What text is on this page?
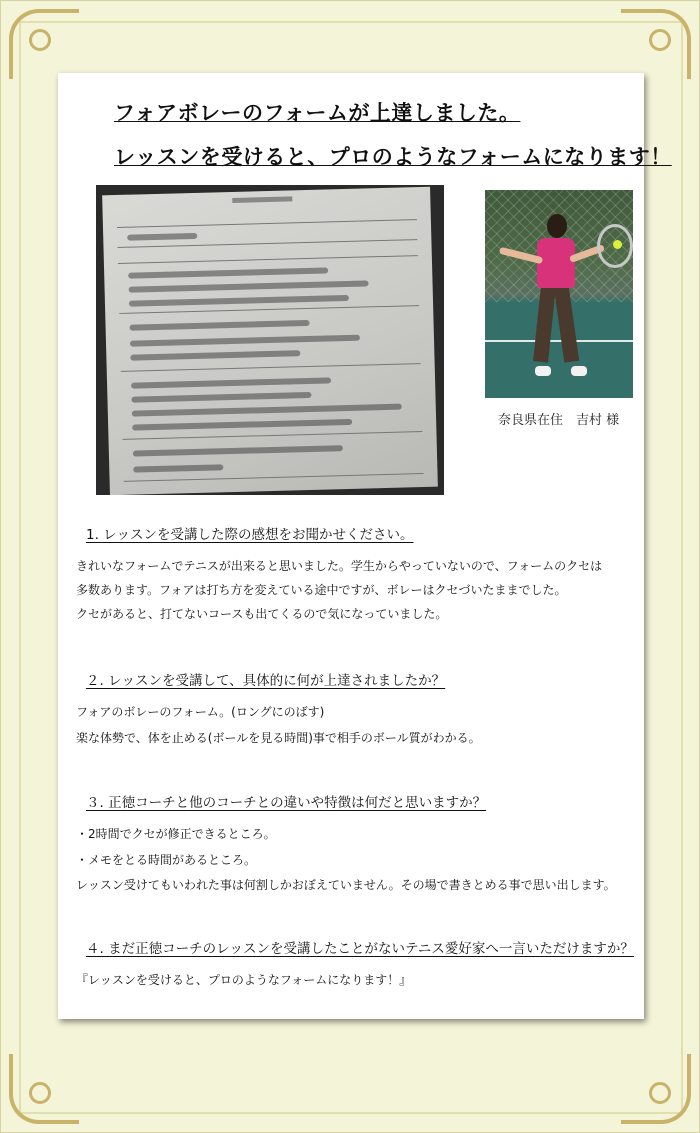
フォアボレーのフォームが上達しました。
レッスンを受けると、プロのようなフォームになります！
奈良県在住　吉村 様
1. レッスンを受講した際の感想をお聞かせください。
きれいなフォームでテニスが出来ると思いました。学生からやっていないので、フォームのクセは
多数あります。フォアは打ち方を変えている途中ですが、ボレーはクセづいたままでした。
クセがあると、打てないコースも出てくるので気になっていました。
２. レッスンを受講して、具体的に何が上達されましたか？
フォアのボレーのフォーム。(ロングにのばす)
楽な体勢で、体を止める(ボールを見る時間)事で相手のボール質がわかる。
３. 正徳コーチと他のコーチとの違いや特徴は何だと思いますか？
・2時間でクセが修正できるところ。
・メモをとる時間があるところ。
レッスン受けてもいわれた事は何割しかおぼえていません。その場で書きとめる事で思い出します。
４. まだ正徳コーチのレッスンを受講したことがないテニス愛好家へ一言いただけますか？
『レッスンを受けると、プロのようなフォームになります！』
